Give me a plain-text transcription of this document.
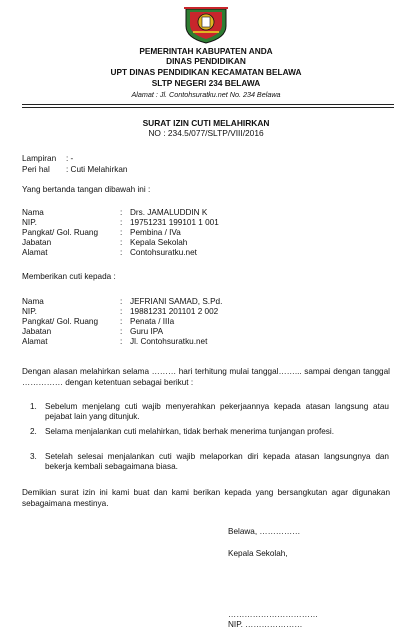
PEMERINTAH KABUPATEN ANDA
DINAS PENDIDIKAN
UPT DINAS PENDIDIKAN KECAMATAN BELAWA
SLTP NEGERI 234 BELAWA
Alamat : Jl. Contohsuratku.net No. 234 Belawa
SURAT IZIN CUTI MELAHIRKAN
NO : 234.5/077/SLTP/VIII/2016
Lampiran : -
Peri hal : Cuti Melahirkan
Yang bertanda tangan dibawah ini :
Nama	: Drs. JAMALUDDIN K
NIP.	: 19751231 199101 1 001
Pangkat/ Gol. Ruang	: Pembina / IVa
Jabatan	: Kepala Sekolah
Alamat	: Contohsuratku.net
Memberikan cuti kepada :
Nama	: JEFRIANI SAMAD, S.Pd.
NIP.	: 19881231 201101 2 002
Pangkat/ Gol. Ruang	: Penata / IIIa
Jabatan	: Guru IPA
Alamat	: Jl. Contohsuratku.net
Dengan alasan melahirkan selama ……… hari terhitung mulai tanggal……... sampai dengan tanggal …………… dengan ketentuan sebagai berikut :
1. Sebelum menjelang cuti wajib menyerahkan pekerjaannya kepada atasan langsung atau pejabat lain yang ditunjuk.
2. Selama menjalankan cuti melahirkan, tidak berhak menerima tunjangan profesi.
3. Setelah selesai menjalankan cuti wajib melaporkan diri kepada atasan langsungnya dan bekerja kembali sebagaimana biasa.
Demikian surat izin ini kami buat dan kami berikan kepada yang bersangkutan agar digunakan sebagaimana mestinya.
Belawa, ……………
Kepala Sekolah,
……………………………
NIP. …………………
